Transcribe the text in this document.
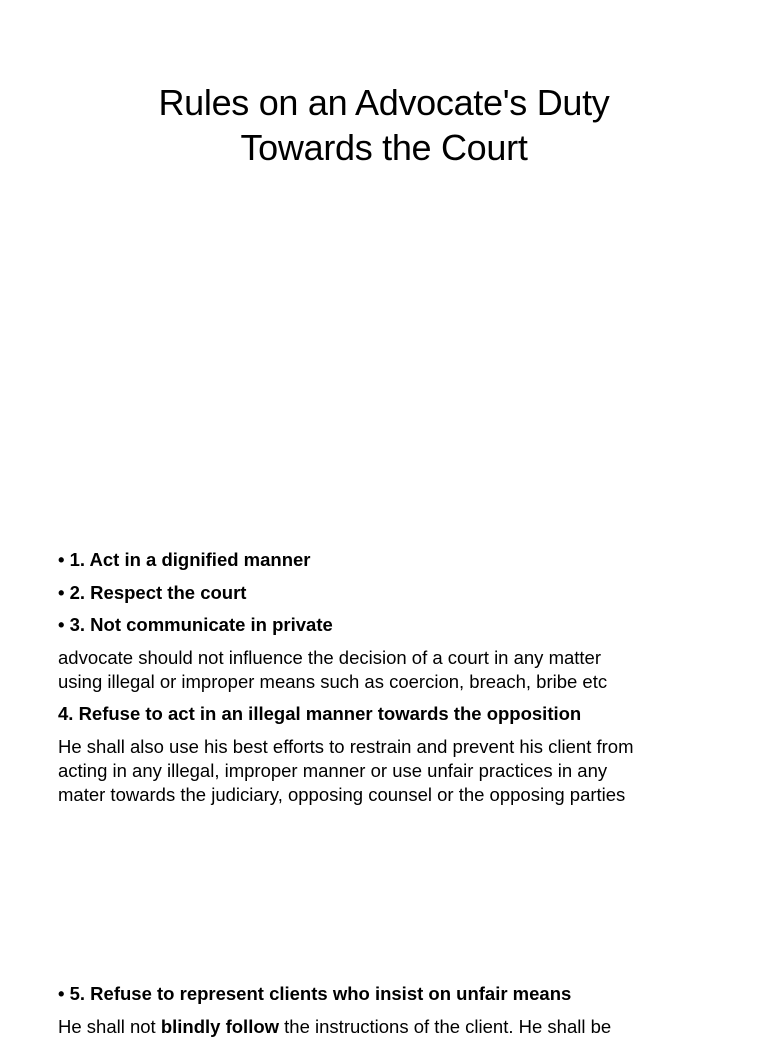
Rules on an Advocate's Duty
Towards the Court
• 1. Act in a dignified manner
• 2. Respect the court
• 3. Not communicate in private
advocate should not influence the decision of a court in any matter
using illegal or improper means such as coercion, breach, bribe etc
4. Refuse to act in an illegal manner towards the opposition
He shall also use his best efforts to restrain and prevent his client from
acting in any illegal, improper manner or use unfair practices in any
mater towards the judiciary, opposing counsel or the opposing parties
• 5. Refuse to represent clients who insist on unfair means
He shall not blindly follow the instructions of the client. He shall be
